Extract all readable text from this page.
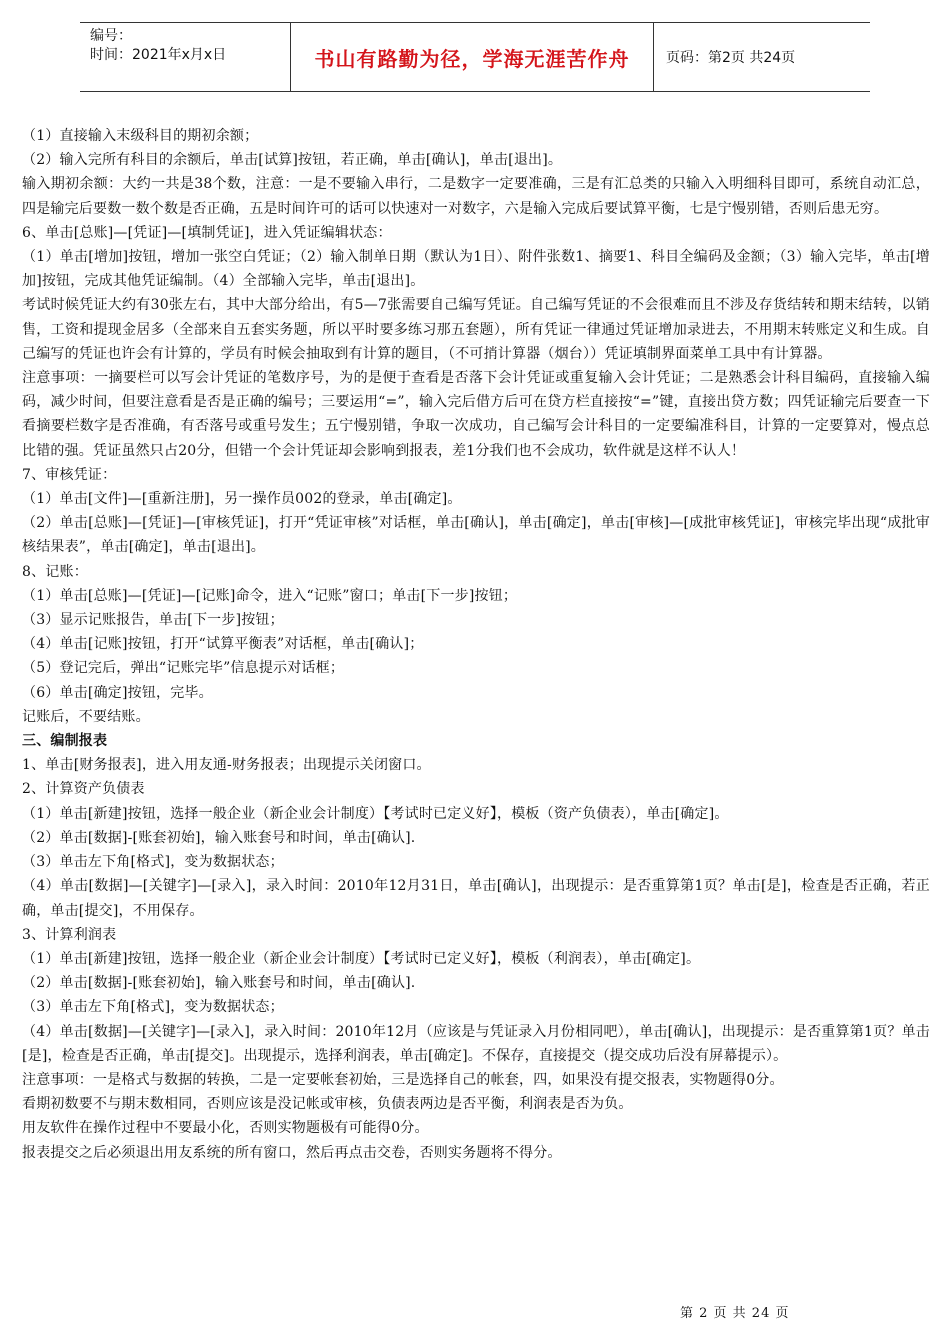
编号：
时间：2021年x月x日	书山有路勤为径，学海无涯苦作舟	页码：第2页 共24页

（1）直接输入末级科目的期初余额；

（2）输入完所有科目的余额后，单击[试算]按钮，若正确，单击[确认]，单击[退出]。

输入期初余额：大约一共是38个数，注意：一是不要输入串行，二是数字一定要准确，三是有汇总类的只输入入明细科目即可，系统自动汇总，四是输完后要数一数个数是否正确，五是时间许可的话可以快速对一对数字，六是输入完成后要试算平衡，七是宁慢别错，否则后患无穷。

6、单击[总账]—[凭证]—[填制凭证]，进入凭证编辑状态：

（1）单击[增加]按钮，增加一张空白凭证；（2）输入制单日期（默认为1日）、附件张数1、摘要1、科目全编码及金额；（3）输入完毕，单击[增加]按钮，完成其他凭证编制。（4）全部输入完毕，单击[退出]。

考试时候凭证大约有30张左右，其中大部分给出，有5—7张需要自己编写凭证。自己编写凭证的不会很难而且不涉及存货结转和期末结转，以销售，工资和提现金居多（全部来自五套实务题，所以平时要多练习那五套题），所有凭证一律通过凭证增加录进去，不用期末转账定义和生成。自己编写的凭证也许会有计算的，学员有时候会抽取到有计算的题目，（不可捎计算器（烟台））凭证填制界面菜单工具中有计算器。

注意事项：一摘要栏可以写会计凭证的笔数序号，为的是便于查看是否落下会计凭证或重复输入会计凭证；二是熟悉会计科目编码，直接输入编码，减少时间，但要注意看是否是正确的编号；三要运用“=”，输入完后借方后可在贷方栏直接按“=”键，直接出贷方数；四凭证输完后要查一下看摘要栏数字是否准确，有否落号或重号发生；五宁慢别错，争取一次成功，自己编写会计科目的一定要编准科目，计算的一定要算对，慢点总比错的强。凭证虽然只占20分，但错一个会计凭证却会影响到报表，差1分我们也不会成功，软件就是这样不认人！

7、审核凭证：

（1）单击[文件]—[重新注册]，另一操作员002的登录，单击[确定]。

（2）单击[总账]—[凭证]—[审核凭证]，打开“凭证审核”对话框，单击[确认]，单击[确定]，单击[审核]—[成批审核凭证]，审核完毕出现“成批审核结果表”，单击[确定]，单击[退出]。

8、记账：

（1）单击[总账]—[凭证]—[记账]命令，进入“记账”窗口；单击[下一步]按钮；

（3）显示记账报告，单击[下一步]按钮；

（4）单击[记账]按钮，打开“试算平衡表”对话框，单击[确认]；

（5）登记完后，弹出“记账完毕”信息提示对话框；

（6）单击[确定]按钮，完毕。

记账后，不要结账。

三、编制报表

1、单击[财务报表]，进入用友通-财务报表；出现提示关闭窗口。

2、计算资产负债表

（1）单击[新建]按钮，选择一般企业（新企业会计制度）【考试时已定义好】，模板（资产负债表），单击[确定]。

（2）单击[数据]-[账套初始]，输入账套号和时间，单击[确认].

（3）单击左下角[格式]，变为数据状态；

（4）单击[数据]—[关键字]—[录入]，录入时间：2010年12月31日，单击[确认]，出现提示：是否重算第1页？单击[是]，检查是否正确，若正确，单击[提交]，不用保存。

3、计算利润表

（1）单击[新建]按钮，选择一般企业（新企业会计制度）【考试时已定义好】，模板（利润表），单击[确定]。

（2）单击[数据]-[账套初始]，输入账套号和时间，单击[确认].

（3）单击左下角[格式]，变为数据状态；

（4）单击[数据]—[关键字]—[录入]，录入时间：2010年12月（应该是与凭证录入月份相同吧），单击[确认]，出现提示：是否重算第1页？单击[是]，检查是否正确，单击[提交]。出现提示，选择利润表，单击[确定]。不保存，直接提交（提交成功后没有屏幕提示）。

注意事项：一是格式与数据的转换，二是一定要帐套初始，三是选择自己的帐套，四，如果没有提交报表，实物题得0分。

看期初数要不与期末数相同，否则应该是没记帐或审核，负债表两边是否平衡，利润表是否为负。

用友软件在操作过程中不要最小化，否则实物题极有可能得0分。

报表提交之后必须退出用友系统的所有窗口，然后再点击交卷，否则实务题将不得分。

第 2 页 共 24 页
